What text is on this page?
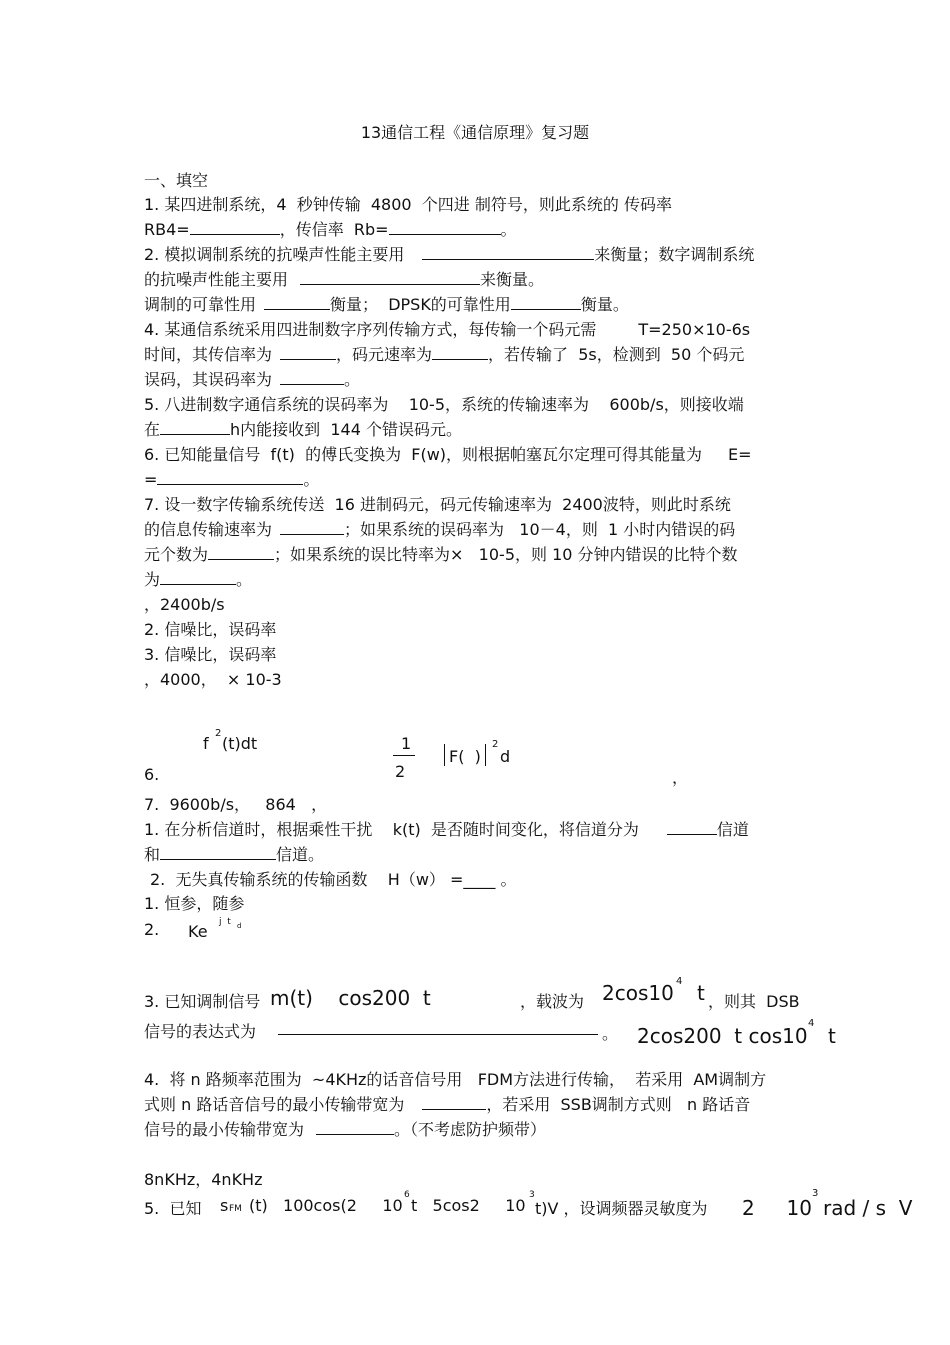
13通信工程《通信原理》复习题
一、填空
1. 某四进制系统，4  秒钟传输  4800  个四进 制符号，则此系统的 传码率
RB4=	，传信率  Rb=	。
2. 模拟调制系统的抗噪声性能主要用	来衡量；数字调制系统
的抗噪声性能主要用	来衡量。
调制的可靠性用	衡量；  DPSK的可靠性用	衡量。
4. 某通信系统采用四进制数字序列传输方式，每传输一个码元需	T=250×10-6s
时间，其传信率为	，码元速率为	，若传输了  5s，检测到  50 个码元
误码，其误码率为	。
5. 八进制数字通信系统的误码率为    10-5，系统的传输速率为    600b/s，则接收端
在	h内能接收到  144 个错误码元。
6. 已知能量信号  f(t)  的傅氏变换为  F(w)，则根据帕塞瓦尔定理可得其能量为 E=
=	。
7. 设一数字传输系统传送  16 进制码元，码元传输速率为  2400波特，则此时系统
的信息传输速率为	；如果系统的误码率为   10－4，则  1 小时内错误的码
元个数为	；如果系统的误比特率为×   10-5，则 10 分钟内错误的比特个数
为	。
，2400b/s
2. 信噪比，误码率
3. 信噪比，误码率
，4000，  × 10-3
f
2
(t)dt	1
2
F(  )
2
d
6.	，
7.  9600b/s，   864   ，
1. 在分析信道时，根据乘性干扰    k(t)  是否随时间变化，将信道分为	信道
和	信道。
2.  无失真传输系统的传输函数    H（w） =____ 。
1. 恒参，随参
2. Ke j  t d
3. 已知调制信号 m(t)    cos200  t	，载波为 2cos10 4 t ，则其  DSB
信号的表达式为	。 2cos200  t cos10
4
t
4.  将 n 路频率范围为  ~4KHz的话音信号用   FDM方法进行传输，  若采用  AM调制方
式则 n 路话音信号的最小传输带宽为	，若采用  SSB调制方式则   n 路话音
信号的最小传输带宽为	。（不考虑防护频带）
8nKHz，4nKHz
5.  已知 s FM (t)   100cos(2     10
6
t   5cos2     10
3
t)V ，设调频器灵敏度为 2     10
3
rad / s  V
